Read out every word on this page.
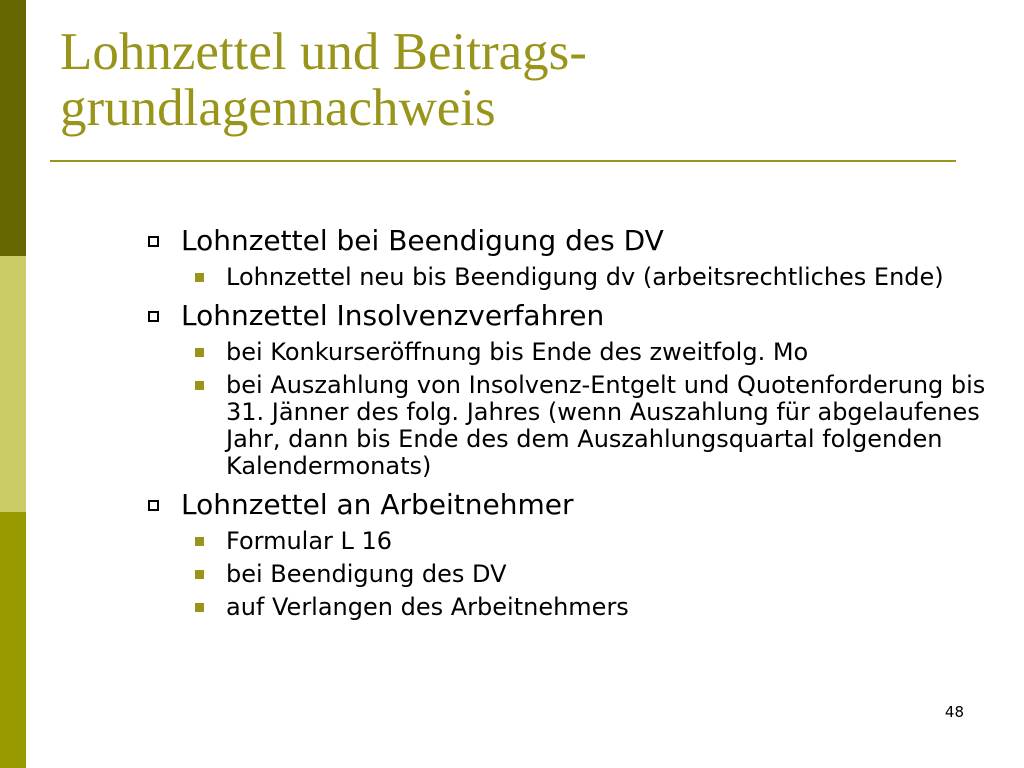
Lohnzettel und Beitrags-
grundlagennachweis
Lohnzettel bei Beendigung des DV
Lohnzettel neu bis Beendigung dv (arbeitsrechtliches Ende)
Lohnzettel Insolvenzverfahren
bei Konkurseröffnung bis Ende des zweitfolg. Mo
bei Auszahlung von Insolvenz-Entgelt und Quotenforderung bis 31. Jänner des folg. Jahres (wenn Auszahlung für abgelaufenes Jahr, dann bis Ende des dem Auszahlungsquartal folgenden Kalendermonats)
Lohnzettel an Arbeitnehmer
Formular L 16
bei Beendigung des DV
auf Verlangen des Arbeitnehmers
48
